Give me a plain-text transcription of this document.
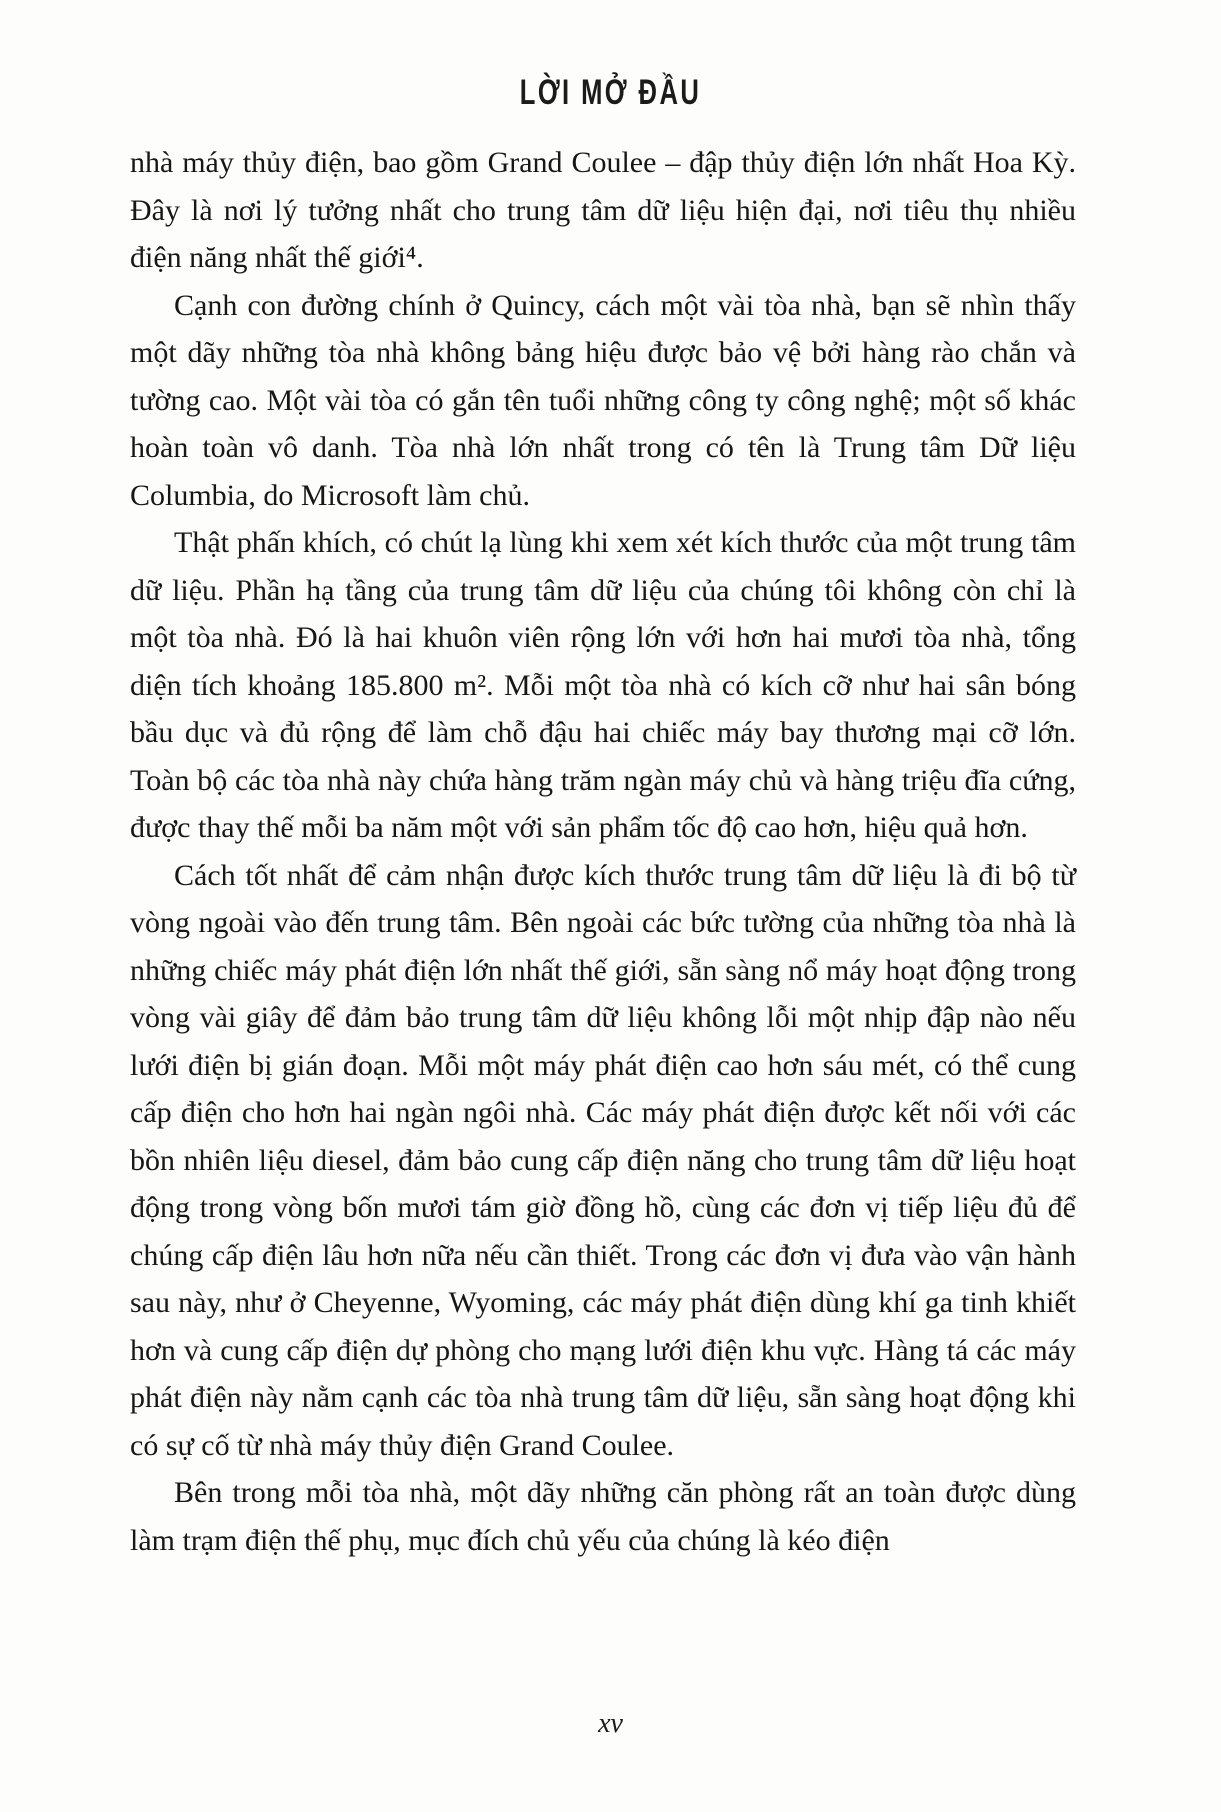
LỜI MỞ ĐẦU

nhà máy thủy điện, bao gồm Grand Coulee – đập thủy điện lớn nhất Hoa Kỳ. Đây là nơi lý tưởng nhất cho trung tâm dữ liệu hiện đại, nơi tiêu thụ nhiều điện năng nhất thế giới⁴.

Cạnh con đường chính ở Quincy, cách một vài tòa nhà, bạn sẽ nhìn thấy một dãy những tòa nhà không bảng hiệu được bảo vệ bởi hàng rào chắn và tường cao. Một vài tòa có gắn tên tuổi những công ty công nghệ; một số khác hoàn toàn vô danh. Tòa nhà lớn nhất trong có tên là Trung tâm Dữ liệu Columbia, do Microsoft làm chủ.

Thật phấn khích, có chút lạ lùng khi xem xét kích thước của một trung tâm dữ liệu. Phần hạ tầng của trung tâm dữ liệu của chúng tôi không còn chỉ là một tòa nhà. Đó là hai khuôn viên rộng lớn với hơn hai mươi tòa nhà, tổng diện tích khoảng 185.800 m². Mỗi một tòa nhà có kích cỡ như hai sân bóng bầu dục và đủ rộng để làm chỗ đậu hai chiếc máy bay thương mại cỡ lớn. Toàn bộ các tòa nhà này chứa hàng trăm ngàn máy chủ và hàng triệu đĩa cứng, được thay thế mỗi ba năm một với sản phẩm tốc độ cao hơn, hiệu quả hơn.

Cách tốt nhất để cảm nhận được kích thước trung tâm dữ liệu là đi bộ từ vòng ngoài vào đến trung tâm. Bên ngoài các bức tường của những tòa nhà là những chiếc máy phát điện lớn nhất thế giới, sẵn sàng nổ máy hoạt động trong vòng vài giây để đảm bảo trung tâm dữ liệu không lỗi một nhịp đập nào nếu lưới điện bị gián đoạn. Mỗi một máy phát điện cao hơn sáu mét, có thể cung cấp điện cho hơn hai ngàn ngôi nhà. Các máy phát điện được kết nối với các bồn nhiên liệu diesel, đảm bảo cung cấp điện năng cho trung tâm dữ liệu hoạt động trong vòng bốn mươi tám giờ đồng hồ, cùng các đơn vị tiếp liệu đủ để chúng cấp điện lâu hơn nữa nếu cần thiết. Trong các đơn vị đưa vào vận hành sau này, như ở Cheyenne, Wyoming, các máy phát điện dùng khí ga tinh khiết hơn và cung cấp điện dự phòng cho mạng lưới điện khu vực. Hàng tá các máy phát điện này nằm cạnh các tòa nhà trung tâm dữ liệu, sẵn sàng hoạt động khi có sự cố từ nhà máy thủy điện Grand Coulee.

Bên trong mỗi tòa nhà, một dãy những căn phòng rất an toàn được dùng làm trạm điện thế phụ, mục đích chủ yếu của chúng là kéo điện

xv
